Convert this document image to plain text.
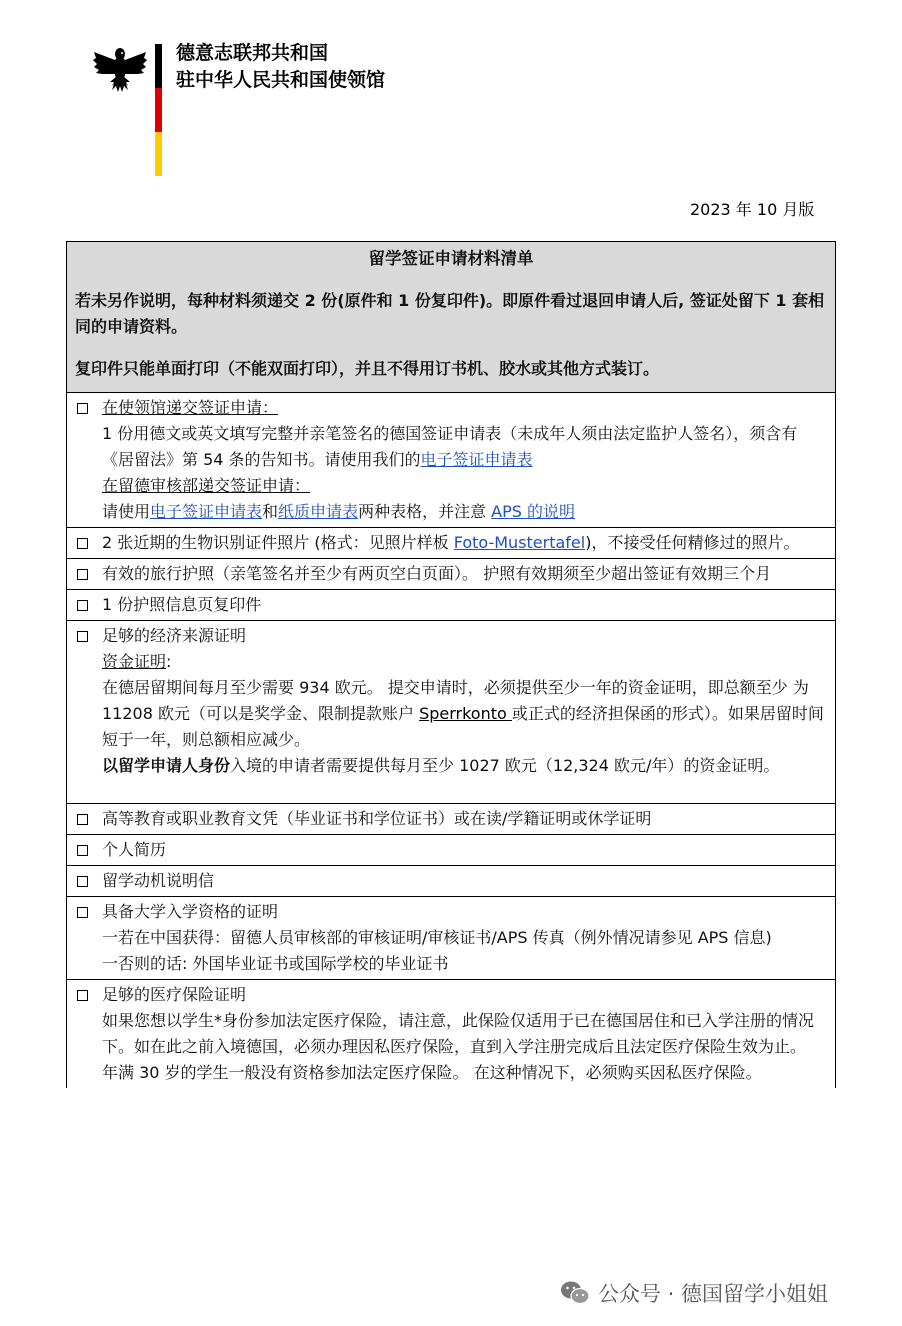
德意志联邦共和国
驻中华人民共和国使领馆
2023 年 10 月版
留学签证申请材料清单

若未另作说明，每种材料须递交 2 份(原件和 1 份复印件)。即原件看过退回申请人后, 签证处留下 1 套相同的申请资料。

复印件只能单面打印（不能双面打印），并且不得用订书机、胶水或其他方式装订。

在使领馆递交签证申请：

1 份用德文或英文填写完整并亲笔签名的德国签证申请表（未成年人须由法定监护人签名），须含有《居留法》第 54 条的告知书。请使用我们的电子签证申请表

在留德审核部递交签证申请：

请使用电子签证申请表和纸质申请表两种表格，并注意 APS 的说明

2 张近期的生物识别证件照片 (格式：见照片样板 Foto-Mustertafel)，不接受任何精修过的照片。

有效的旅行护照（亲笔签名并至少有两页空白页面）。 护照有效期须至少超出签证有效期三个月

1 份护照信息页复印件

足够的经济来源证明

资金证明:

在德居留期间每月至少需要 934 欧元。 提交申请时，必须提供至少一年的资金证明，即总额至少 为 11208 欧元（可以是奖学金、限制提款账户 Sperrkonto 或正式的经济担保函的形式）。如果居留时间短于一年，则总额相应减少。

以留学申请人身份入境的申请者需要提供每月至少 1027 欧元（12,324 欧元/年）的资金证明。

高等教育或职业教育文凭（毕业证书和学位证书）或在读/学籍证明或休学证明

个人简历

留学动机说明信

具备大学入学资格的证明

一若在中国获得：留德人员审核部的审核证明/审核证书/APS 传真（例外情况请参见 APS 信息)

一否则的话: 外国毕业证书或国际学校的毕业证书

足够的医疗保险证明

如果您想以学生*身份参加法定医疗保险，请注意，此保险仅适用于已在德国居住和已入学注册的情况下。如在此之前入境德国，必须办理因私医疗保险，直到入学注册完成后且法定医疗保险生效为止。

年满 30 岁的学生一般没有资格参加法定医疗保险。 在这种情况下，必须购买因私医疗保险。

公众号 · 德国留学小姐姐
